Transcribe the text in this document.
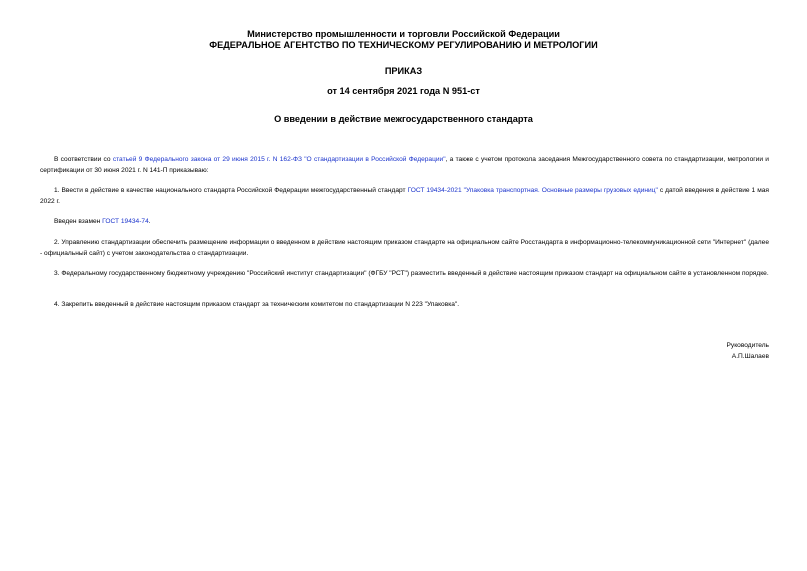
Министерство промышленности и торговли Российской Федерации
ФЕДЕРАЛЬНОЕ АГЕНТСТВО ПО ТЕХНИЧЕСКОМУ РЕГУЛИРОВАНИЮ И МЕТРОЛОГИИ
ПРИКАЗ
от 14 сентября 2021 года N 951-ст
О введении в действие межгосударственного стандарта
В соответствии со статьей 9 Федерального закона от 29 июня 2015 г. N 162-ФЗ "О стандартизации в Российской Федерации", а также с учетом протокола заседания Межгосударственного совета по стандартизации, метрологии и сертификации от 30 июня 2021 г. N 141-П приказываю:
1. Ввести в действие в качестве национального стандарта Российской Федерации межгосударственный стандарт ГОСТ 19434-2021 "Упаковка транспортная. Основные размеры грузовых единиц" с датой введения в действие 1 мая 2022 г.
Введен взамен ГОСТ 19434-74.
2. Управлению стандартизации обеспечить размещение информации о введенном в действие настоящим приказом стандарте на официальном сайте Росстандарта в информационно-телекоммуникационной сети "Интернет" (далее - официальный сайт) с учетом законодательства о стандартизации.
3. Федеральному государственному бюджетному учреждению "Российский институт стандартизации" (ФГБУ "РСТ") разместить введенный в действие настоящим приказом стандарт на официальном сайте в установленном порядке.
4. Закрепить введенный в действие настоящим приказом стандарт за техническим комитетом по стандартизации N 223 "Упаковка".
Руководитель
А.П.Шалаев
